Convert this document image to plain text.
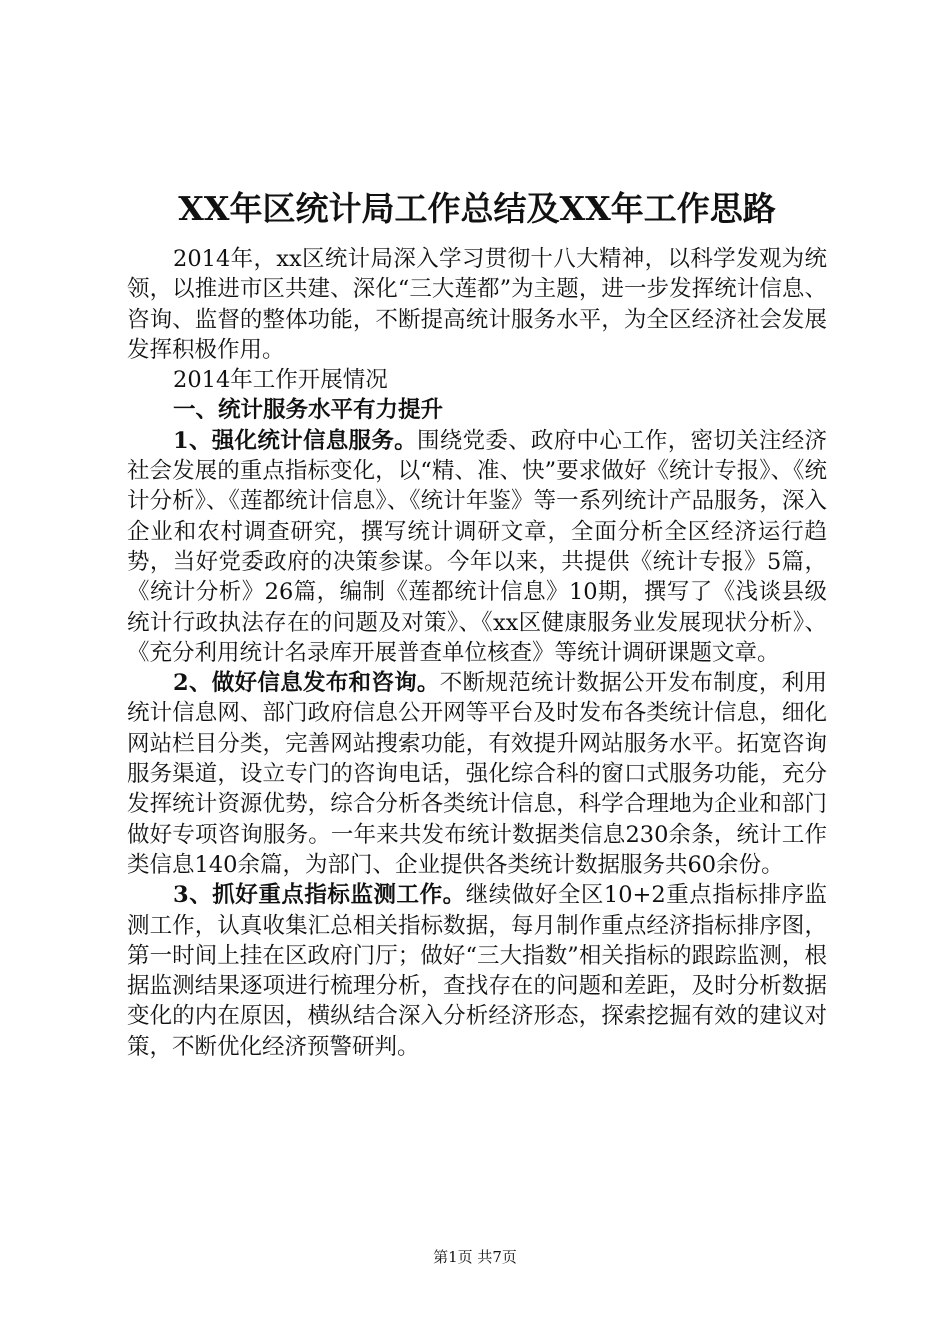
XX年区统计局工作总结及XX年工作思路

2014年，xx区统计局深入学习贯彻十八大精神，以科学发观为统领，以推进市区共建、深化“三大莲都”为主题，进一步发挥统计信息、咨询、监督的整体功能，不断提高统计服务水平，为全区经济社会发展发挥积极作用。

2014年工作开展情况

一、统计服务水平有力提升

1、强化统计信息服务。围绕党委、政府中心工作，密切关注经济社会发展的重点指标变化，以“精、准、快”要求做好《统计专报》、《统计分析》、《莲都统计信息》、《统计年鉴》等一系列统计产品服务，深入企业和农村调查研究，撰写统计调研文章，全面分析全区经济运行趋势，当好党委政府的决策参谋。今年以来，共提供《统计专报》5篇，《统计分析》26篇，编制《莲都统计信息》10期，撰写了《浅谈县级统计行政执法存在的问题及对策》、《xx区健康服务业发展现状分析》、《充分利用统计名录库开展普查单位核查》等统计调研课题文章。

2、做好信息发布和咨询。不断规范统计数据公开发布制度，利用统计信息网、部门政府信息公开网等平台及时发布各类统计信息，细化网站栏目分类，完善网站搜索功能，有效提升网站服务水平。拓宽咨询服务渠道，设立专门的咨询电话，强化综合科的窗口式服务功能，充分发挥统计资源优势，综合分析各类统计信息，科学合理地为企业和部门做好专项咨询服务。一年来共发布统计数据类信息230余条，统计工作类信息140余篇，为部门、企业提供各类统计数据服务共60余份。

3、抓好重点指标监测工作。继续做好全区10+2重点指标排序监测工作，认真收集汇总相关指标数据，每月制作重点经济指标排序图，第一时间上挂在区政府门厅；做好“三大指数”相关指标的跟踪监测，根据监测结果逐项进行梳理分析，查找存在的问题和差距，及时分析数据变化的内在原因，横纵结合深入分析经济形态，探索挖掘有效的建议对策，不断优化经济预警研判。

第1页 共7页
